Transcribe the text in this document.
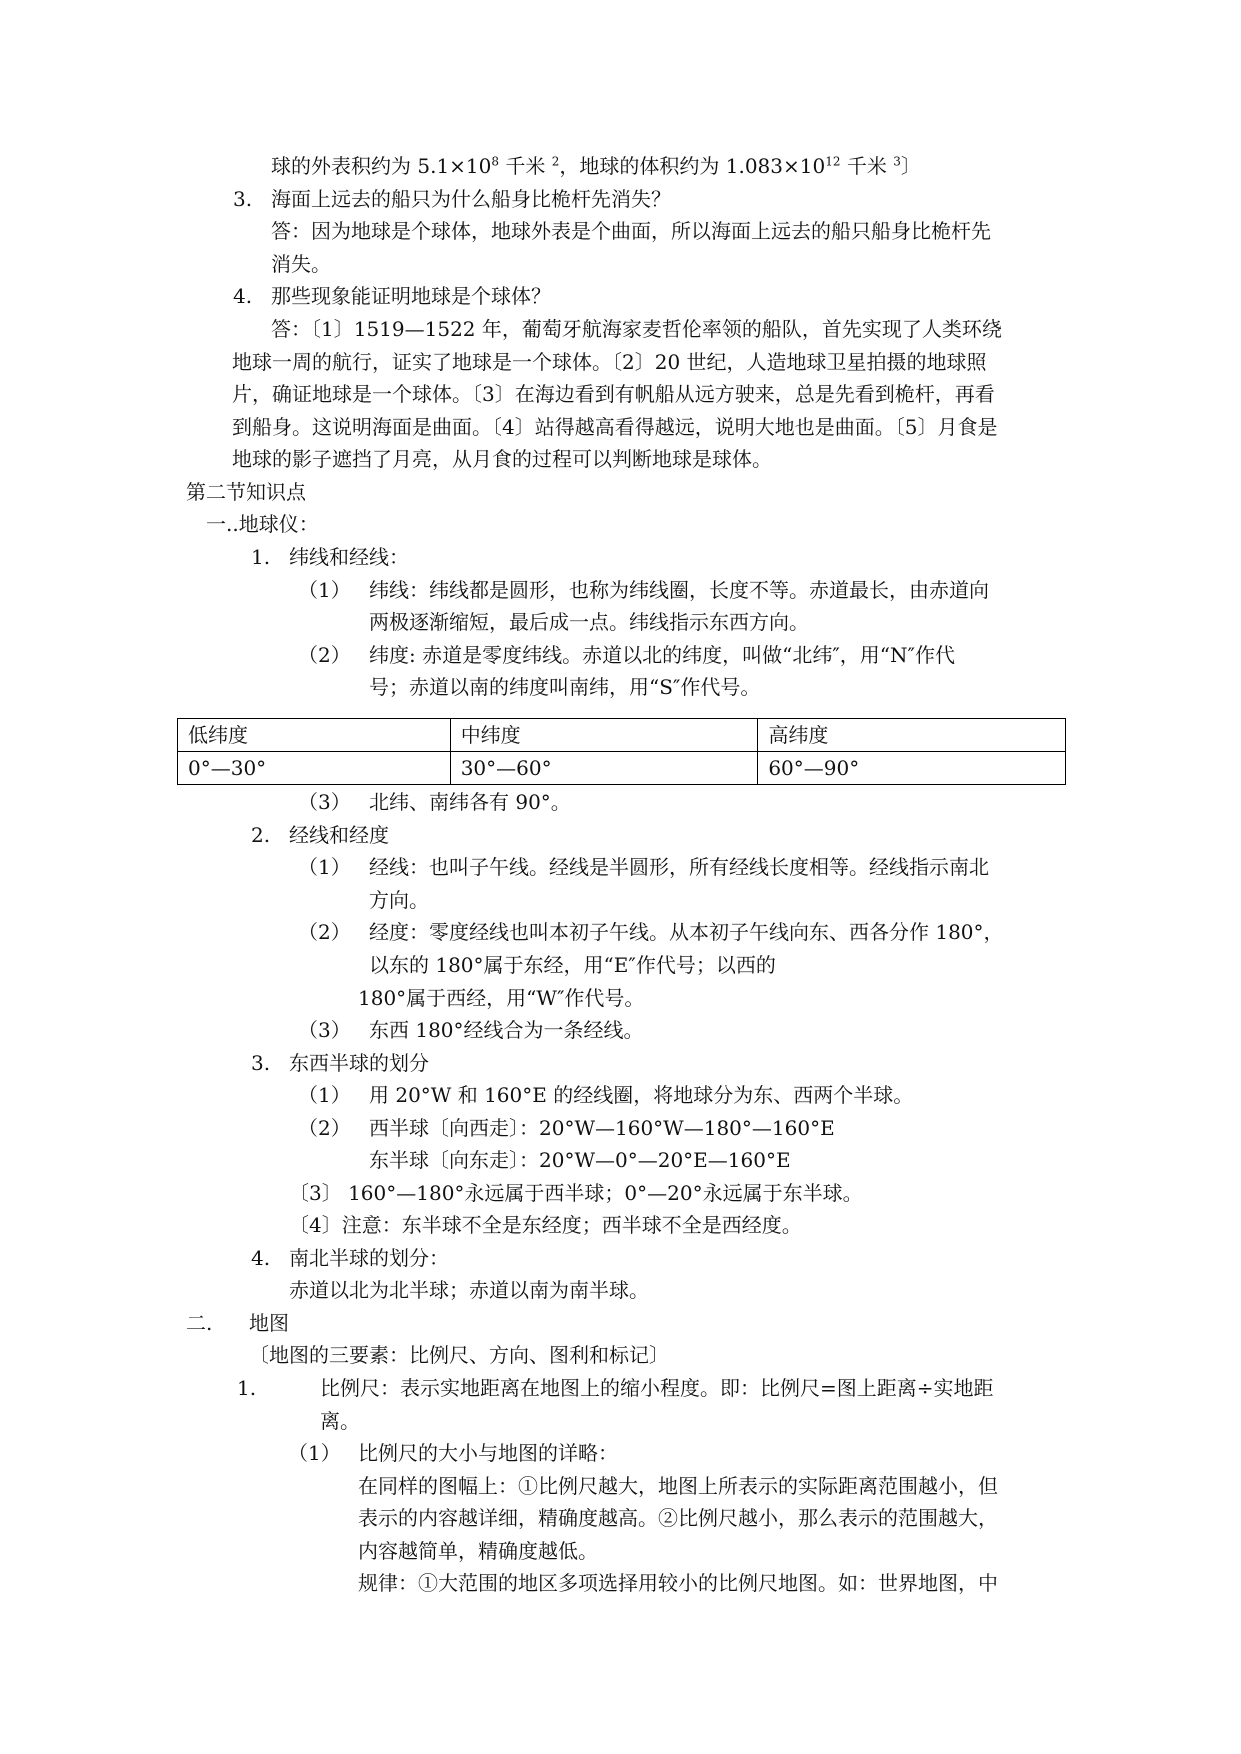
球的外表积约为 $5.1\times 10^8$ 千米 $^2$，地球的体积约为 $1.083\times 10^{12}$ 千米 $^3$〕
3. 海面上远去的船只为什么船身比桅杆先消失？
答：因为地球是个球体，地球外表是个曲面，所以海面上远去的船只船身比桅杆先
消失。
4. 那些现象能证明地球是个球体？
答：〔1〕1519—1522 年，葡萄牙航海家麦哲伦率领的船队，首先实现了人类环绕
地球一周的航行，证实了地球是一个球体。〔2〕20 世纪，人造地球卫星拍摄的地球照
片，确证地球是一个球体。〔3〕在海边看到有帆船从远方驶来，总是先看到桅杆，再看
到船身。这说明海面是曲面。〔4〕站得越高看得越远，说明大地也是曲面。〔5〕月食是
地球的影子遮挡了月亮，从月食的过程可以判断地球是球体。
第二节知识点
一..地球仪：
1. 纬线和经线：
（1） 纬线：纬线都是圆形，也称为纬线圈，长度不等。赤道最长，由赤道向
两极逐渐缩短，最后成一点。纬线指示东西方向。
（2） 纬度: 赤道是零度纬线。赤道以北的纬度，叫做“北纬″，用“N″作代
号；赤道以南的纬度叫南纬，用“S″作代号。
低纬度	中纬度	高纬度
0°—30°	30°—60°	60°—90°
（3） 北纬、南纬各有 90°。
2. 经线和经度
（1） 经线：也叫子午线。经线是半圆形，所有经线长度相等。经线指示南北
方向。
（2） 经度：零度经线也叫本初子午线。从本初子午线向东、西各分作 180°，
以东的 180°属于东经，用“E″作代号；以西的
180°属于西经，用“W″作代号。
（3） 东西 180°经线合为一条经线。
3. 东西半球的划分
（1） 用 20°W 和 160°E 的经线圈，将地球分为东、西两个半球。
（2） 西半球〔向西走〕：20°W—160°W—180°—160°E
东半球〔向东走〕：20°W—0°—20°E—160°E
〔3〕 160°—180°永远属于西半球；0°—20°永远属于东半球。
〔4〕注意：东半球不全是东经度；西半球不全是西经度。
4. 南北半球的划分：
赤道以北为北半球；赤道以南为南半球。
二. 地图
〔地图的三要素：比例尺、方向、图利和标记〕
1.	比例尺：表示实地距离在地图上的缩小程度。即：比例尺=图上距离÷实地距
离。
（1） 比例尺的大小与地图的详略：
在同样的图幅上：①比例尺越大，地图上所表示的实际距离范围越小，但
表示的内容越详细，精确度越高。②比例尺越小，那么表示的范围越大，
内容越简单，精确度越低。
规律：①大范围的地区多项选择用较小的比例尺地图。如：世界地图，中
